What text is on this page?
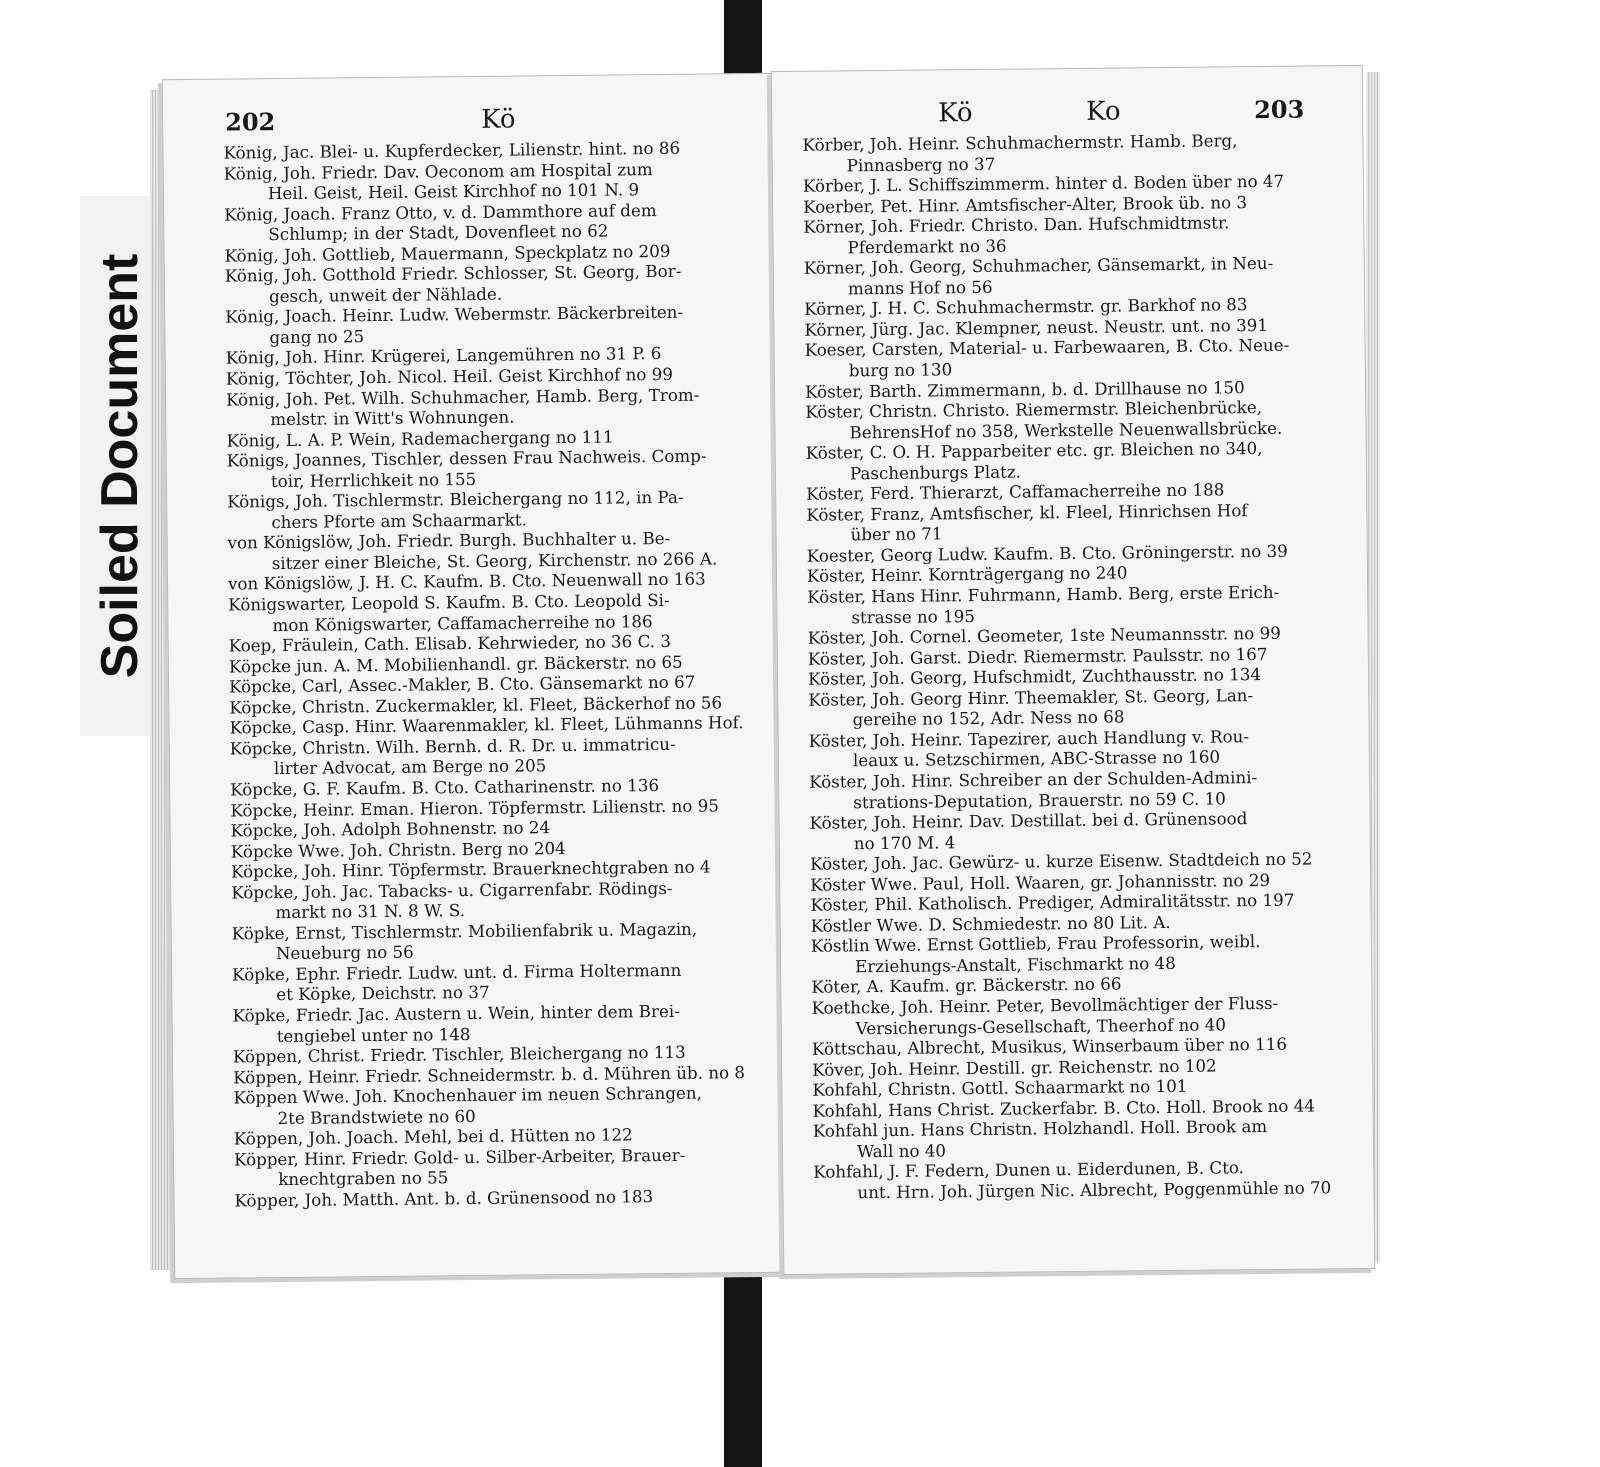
Soiled Document
202	Kö
König, Jac. Blei- u. Kupferdecker, Lilienstr. hint. no 86
König, Joh. Friedr. Dav. Oeconom am Hospital zum
Heil. Geist, Heil. Geist Kirchhof no 101 N. 9
König, Joach. Franz Otto, v. d. Dammthore auf dem
Schlump; in der Stadt, Dovenfleet no 62
König, Joh. Gottlieb, Mauermann, Speckplatz no 209
König, Joh. Gotthold Friedr. Schlosser, St. Georg, Bor-
gesch, unweit der Nählade.
König, Joach. Heinr. Ludw. Webermstr. Bäckerbreiten-
gang no 25
König, Joh. Hinr. Krügerei, Langemühren no 31 P. 6
König, Töchter, Joh. Nicol. Heil. Geist Kirchhof no 99
König, Joh. Pet. Wilh. Schuhmacher, Hamb. Berg, Trom-
melstr. in Witt's Wohnungen.
König, L. A. P. Wein, Rademachergang no 111
Königs, Joannes, Tischler, dessen Frau Nachweis. Comp-
toir, Herrlichkeit no 155
Königs, Joh. Tischlermstr. Bleichergang no 112, in Pa-
chers Pforte am Schaarmarkt.
von Königslöw, Joh. Friedr. Burgh. Buchhalter u. Be-
sitzer einer Bleiche, St. Georg, Kirchenstr. no 266 A.
von Königslöw, J. H. C. Kaufm. B. Cto. Neuenwall no 163
Königswarter, Leopold S. Kaufm. B. Cto. Leopold Si-
mon Königswarter, Caffamacherreihe no 186
Koep, Fräulein, Cath. Elisab. Kehrwieder, no 36 C. 3
Köpcke jun. A. M. Mobilienhandl. gr. Bäckerstr. no 65
Köpcke, Carl, Assec.-Makler, B. Cto. Gänsemarkt no 67
Köpcke, Christn. Zuckermakler, kl. Fleet, Bäckerhof no 56
Köpcke, Casp. Hinr. Waarenmakler, kl. Fleet, Lühmanns Hof.
Köpcke, Christn. Wilh. Bernh. d. R. Dr. u. immatricu-
lirter Advocat, am Berge no 205
Köpcke, G. F. Kaufm. B. Cto. Catharinenstr. no 136
Köpcke, Heinr. Eman. Hieron. Töpfermstr. Lilienstr. no 95
Köpcke, Joh. Adolph Bohnenstr. no 24
Köpcke Wwe. Joh. Christn. Berg no 204
Köpcke, Joh. Hinr. Töpfermstr. Brauerknechtgraben no 4
Köpcke, Joh. Jac. Tabacks- u. Cigarrenfabr. Rödings-
markt no 31 N. 8 W. S.
Köpke, Ernst, Tischlermstr. Mobilienfabrik u. Magazin,
Neueburg no 56
Köpke, Ephr. Friedr. Ludw. unt. d. Firma Holtermann
et Köpke, Deichstr. no 37
Köpke, Friedr. Jac. Austern u. Wein, hinter dem Brei-
tengiebel unter no 148
Köppen, Christ. Friedr. Tischler, Bleichergang no 113
Köppen, Heinr. Friedr. Schneidermstr. b. d. Mühren üb. no 8
Köppen Wwe. Joh. Knochenhauer im neuen Schrangen,
2te Brandstwiete no 60
Köppen, Joh. Joach. Mehl, bei d. Hütten no 122
Köpper, Hinr. Friedr. Gold- u. Silber-Arbeiter, Brauer-
knechtgraben no 55
Köpper, Joh. Matth. Ant. b. d. Grünensood no 183
Kö	Ko	203
Körber, Joh. Heinr. Schuhmachermstr. Hamb. Berg,
Pinnasberg no 37
Körber, J. L. Schiffszimmerm. hinter d. Boden über no 47
Koerber, Pet. Hinr. Amtsfischer-Alter, Brook üb. no 3
Körner, Joh. Friedr. Christo. Dan. Hufschmidtmstr.
Pferdemarkt no 36
Körner, Joh. Georg, Schuhmacher, Gänsemarkt, in Neu-
manns Hof no 56
Körner, J. H. C. Schuhmachermstr. gr. Barkhof no 83
Körner, Jürg. Jac. Klempner, neust. Neustr. unt. no 391
Koeser, Carsten, Material- u. Farbewaaren, B. Cto. Neue-
burg no 130
Köster, Barth. Zimmermann, b. d. Drillhause no 150
Köster, Christn. Christo. Riemermstr. Bleichenbrücke,
BehrensHof no 358, Werkstelle Neuenwallsbrücke.
Köster, C. O. H. Papparbeiter etc. gr. Bleichen no 340,
Paschenburgs Platz.
Köster, Ferd. Thierarzt, Caffamacherreihe no 188
Köster, Franz, Amtsfischer, kl. Fleel, Hinrichsen Hof
über no 71
Koester, Georg Ludw. Kaufm. B. Cto. Gröningerstr. no 39
Köster, Heinr. Kornträgergang no 240
Köster, Hans Hinr. Fuhrmann, Hamb. Berg, erste Erich-
strasse no 195
Köster, Joh. Cornel. Geometer, 1ste Neumannsstr. no 99
Köster, Joh. Garst. Diedr. Riemermstr. Paulsstr. no 167
Köster, Joh. Georg, Hufschmidt, Zuchthausstr. no 134
Köster, Joh. Georg Hinr. Theemakler, St. Georg, Lan-
gereihe no 152, Adr. Ness no 68
Köster, Joh. Heinr. Tapezirer, auch Handlung v. Rou-
leaux u. Setzschirmen, ABC-Strasse no 160
Köster, Joh. Hinr. Schreiber an der Schulden-Admini-
strations-Deputation, Brauerstr. no 59 C. 10
Köster, Joh. Heinr. Dav. Destillat. bei d. Grünensood
no 170 M. 4
Köster, Joh. Jac. Gewürz- u. kurze Eisenw. Stadtdeich no 52
Köster Wwe. Paul, Holl. Waaren, gr. Johannisstr. no 29
Köster, Phil. Katholisch. Prediger, Admiralitätsstr. no 197
Köstler Wwe. D. Schmiedestr. no 80 Lit. A.
Köstlin Wwe. Ernst Gottlieb, Frau Professorin, weibl.
Erziehungs-Anstalt, Fischmarkt no 48
Köter, A. Kaufm. gr. Bäckerstr. no 66
Koethcke, Joh. Heinr. Peter, Bevollmächtiger der Fluss-
Versicherungs-Gesellschaft, Theerhof no 40
Köttschau, Albrecht, Musikus, Winserbaum über no 116
Köver, Joh. Heinr. Destill. gr. Reichenstr. no 102
Kohfahl, Christn. Gottl. Schaarmarkt no 101
Kohfahl, Hans Christ. Zuckerfabr. B. Cto. Holl. Brook no 44
Kohfahl jun. Hans Christn. Holzhandl. Holl. Brook am
Wall no 40
Kohfahl, J. F. Federn, Dunen u. Eiderdunen, B. Cto.
unt. Hrn. Joh. Jürgen Nic. Albrecht, Poggenmühle no 70
